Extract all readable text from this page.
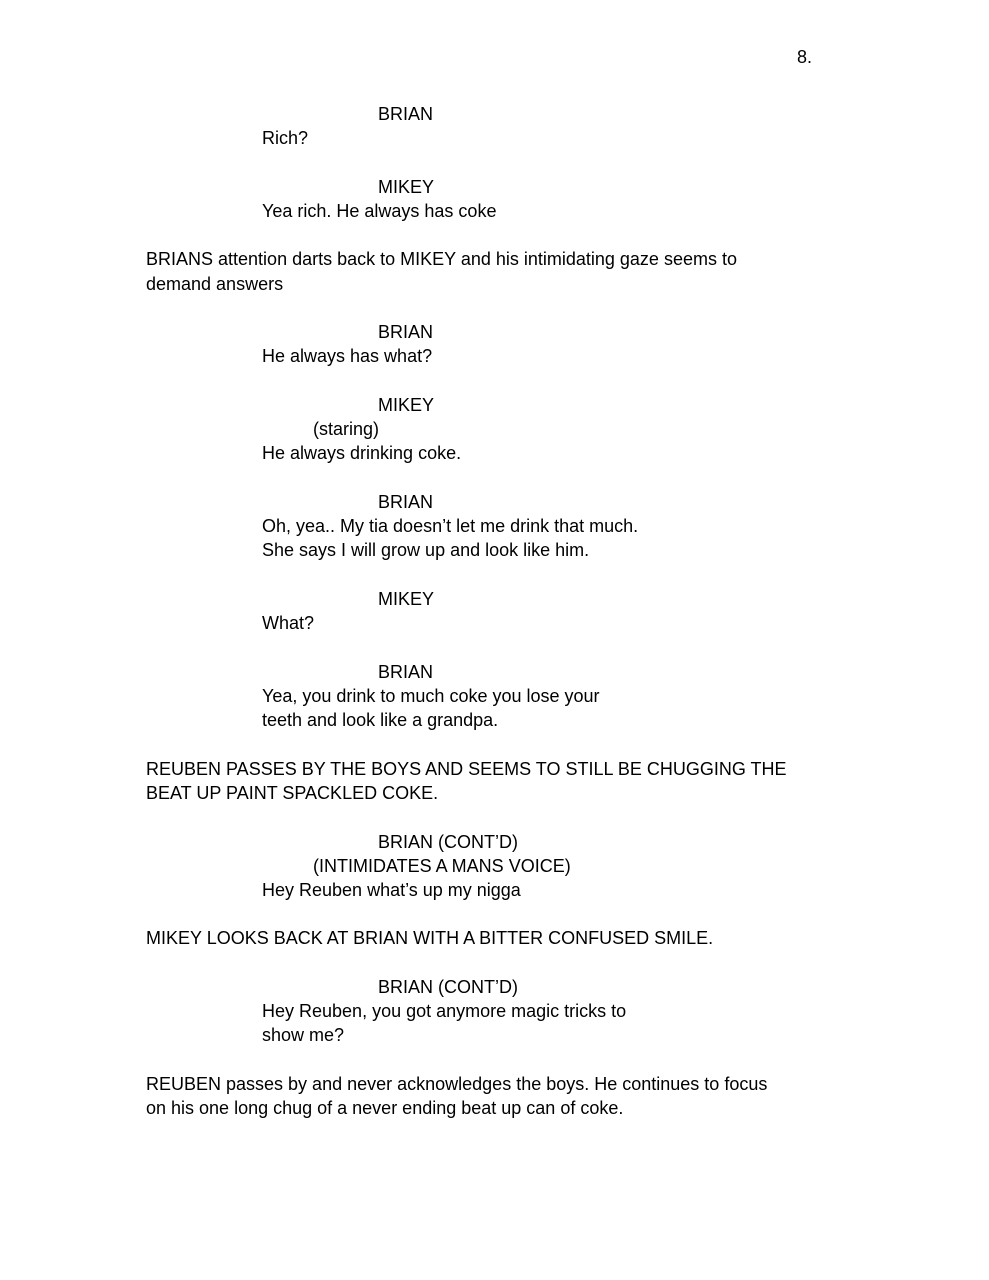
8.
BRIAN
Rich?
MIKEY
Yea rich. He always has coke
BRIANS attention darts back to MIKEY and his intimidating gaze seems to
demand answers
BRIAN
He always has what?
MIKEY
(staring)
He always drinking coke.
BRIAN
Oh, yea.. My tia doesn’t let me drink that much.
She says I will grow up and look like him.
MIKEY
What?
BRIAN
Yea, you drink to much coke you lose your
teeth and look like a grandpa.
REUBEN PASSES BY THE BOYS AND SEEMS TO STILL BE CHUGGING THE
BEAT UP PAINT SPACKLED COKE.
BRIAN (CONT’D)
(INTIMIDATES A MANS VOICE)
Hey Reuben what’s up my nigga
MIKEY LOOKS BACK AT BRIAN WITH A BITTER CONFUSED SMILE.
BRIAN (CONT’D)
Hey Reuben, you got anymore magic tricks to
show me?
REUBEN passes by and never acknowledges the boys. He continues to focus
on his one long chug of a never ending beat up can of coke.
